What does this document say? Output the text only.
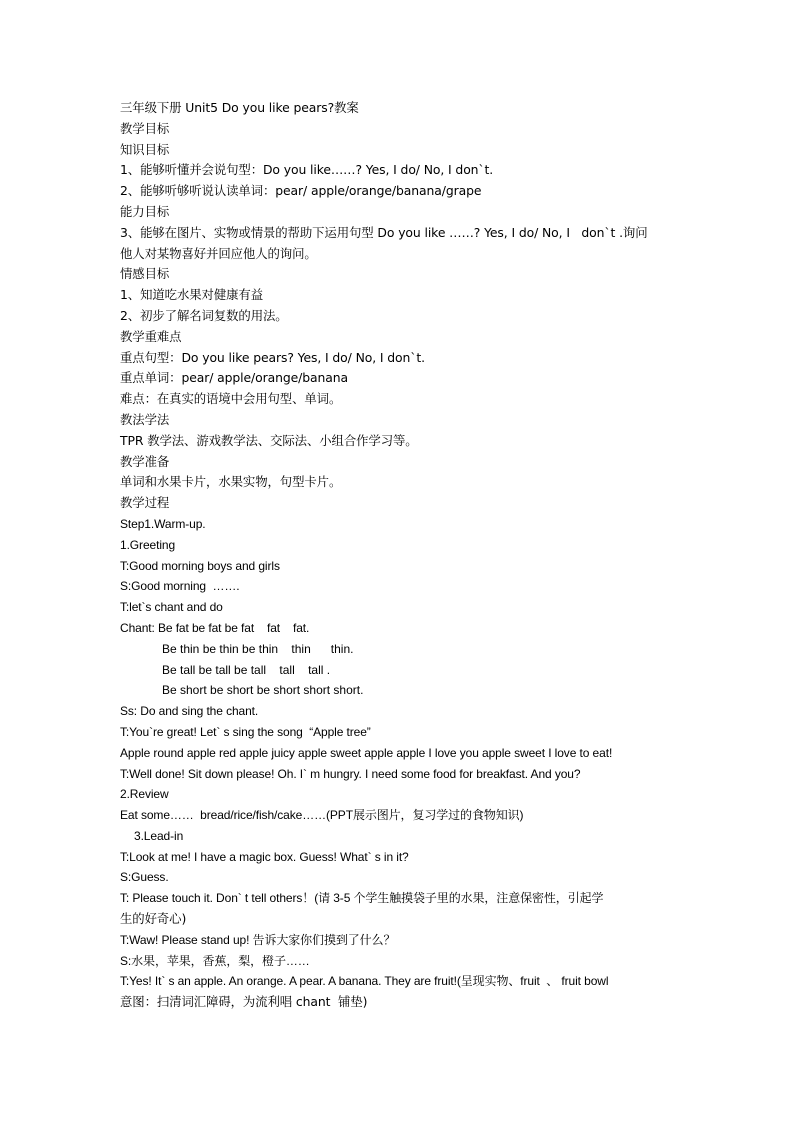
三年级下册 Unit5 Do you like pears?教案
教学目标
知识目标
1、能够听懂并会说句型：Do you like……? Yes, I do/ No, I don`t.
2、能够听够听说认读单词：pear/ apple/orange/banana/grape
能力目标
3、能够在图片、实物或情景的帮助下运用句型 Do you like ……? Yes, I do/ No, I   don`t .询问
他人对某物喜好并回应他人的询问。
情感目标
1、知道吃水果对健康有益
2、初步了解名词复数的用法。
教学重难点
重点句型：Do you like pears? Yes, I do/ No, I don`t.
重点单词：pear/ apple/orange/banana
难点：在真实的语境中会用句型、单词。
教法学法
TPR 教学法、游戏教学法、交际法、小组合作学习等。
教学准备
单词和水果卡片，水果实物，句型卡片。
教学过程
Step1.Warm-up.
1.Greeting
T:Good morning boys and girls
S:Good morning  …….
T:let`s chant and do
Chant: Be fat be fat be fat    fat    fat.
Be thin be thin be thin    thin      thin.
Be tall be tall be tall    tall    tall .
Be short be short be short short short.
Ss: Do and sing the chant.
T:You`re great! Let` s sing the song  “Apple tree”
Apple round apple red apple juicy apple sweet apple apple I love you apple sweet I love to eat!
T:Well done! Sit down please! Oh. I` m hungry. I need some food for breakfast. And you?
2.Review
Eat some……  bread/rice/fish/cake……(PPT展示图片，复习学过的食物知识)
3.Lead-in
T:Look at me! I have a magic box. Guess! What` s in it?
S:Guess.
T: Please touch it. Don` t tell others！(请 3-5 个学生触摸袋子里的水果，注意保密性，引起学
生的好奇心)
T:Waw! Please stand up! 告诉大家你们摸到了什么？
S:水果，苹果，香蕉，梨，橙子……
T:Yes! It` s an apple. An orange. A pear. A banana. They are fruit!(呈现实物、fruit  、 fruit bowl
意图：扫清词汇障碍，为流利唱 chant  铺垫)
